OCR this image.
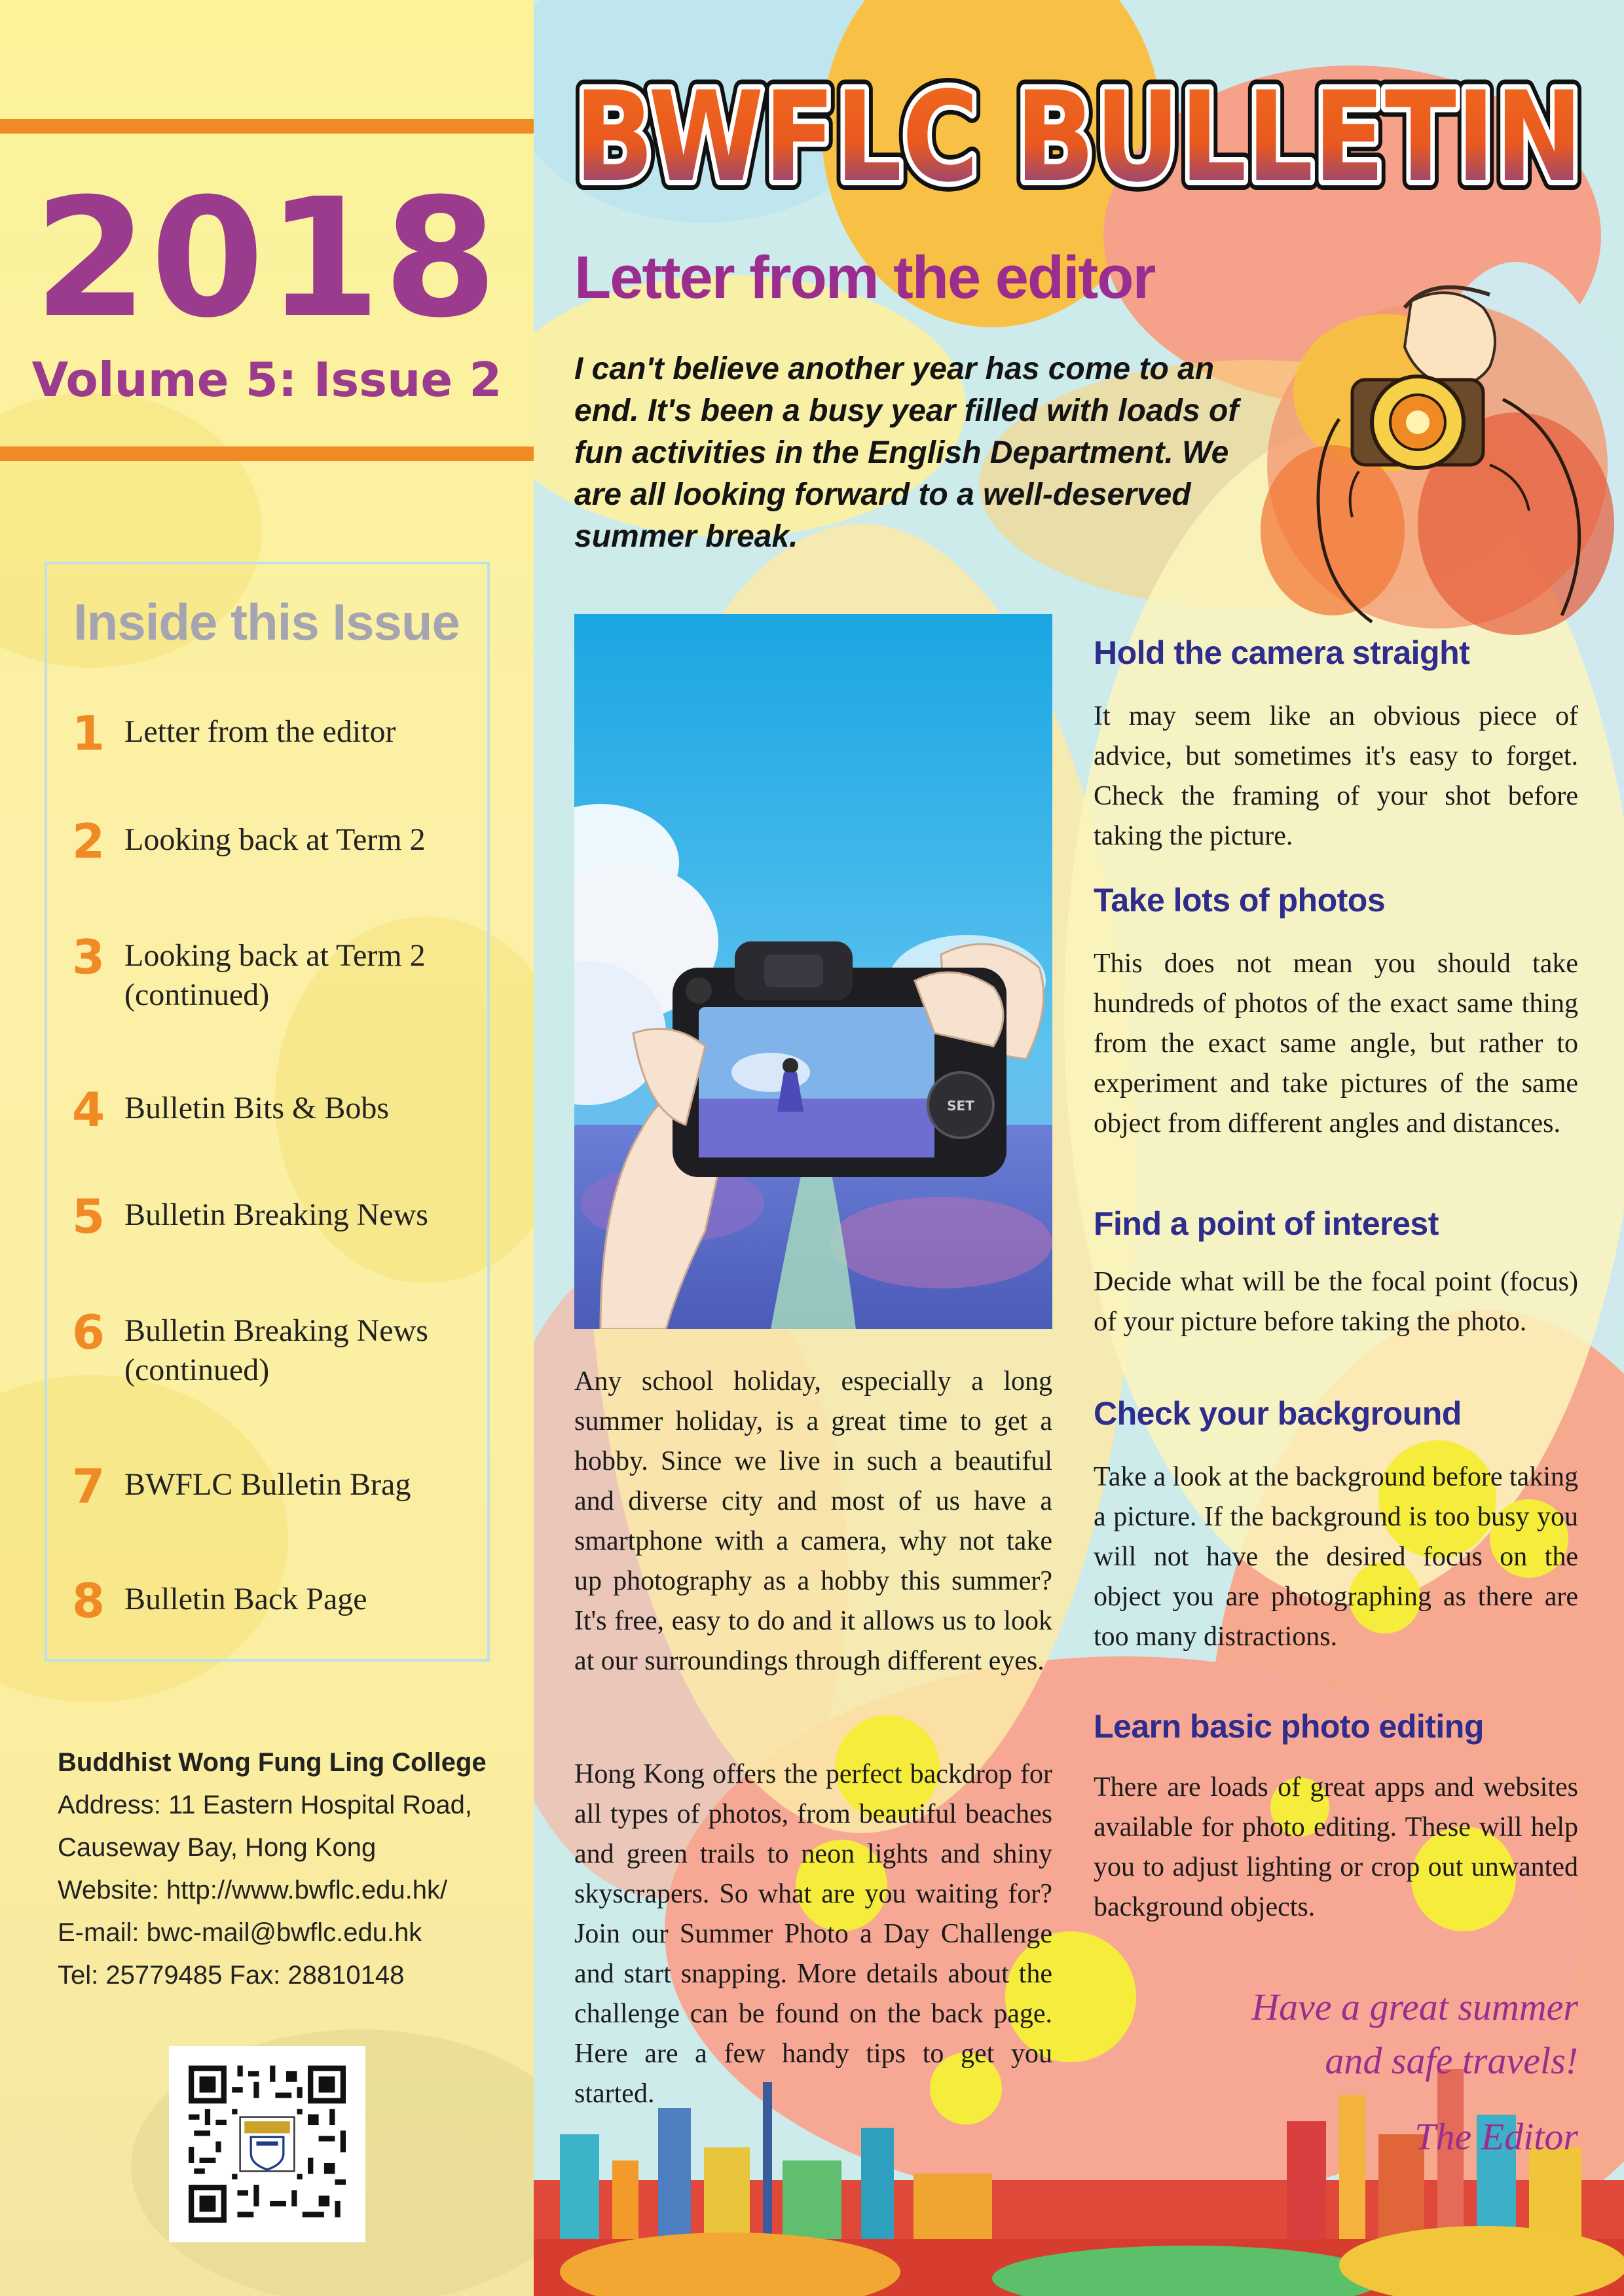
2018
Volume 5: Issue 2
Inside this Issue
1 Letter from the editor
2 Looking back at Term 2
3 Looking back at Term 2 (continued)
4 Bulletin Bits & Bobs
5 Bulletin Breaking News
6 Bulletin Breaking News (continued)
7 BWFLC Bulletin Brag
8 Bulletin Back Page
Buddhist Wong Fung Ling College
Address: 11 Eastern Hospital Road,
Causeway Bay, Hong Kong
Website: http://www.bwflc.edu.hk/
E-mail: bwc-mail@bwflc.edu.hk
Tel: 25779485 Fax: 28810148
BWFLC BULLETIN
BWFLC BULLETIN
BWFLC BULLETIN
Letter from the editor
I can't believe another year has come to an end. It's been a busy year filled with loads of fun activities in the English Department. We are all looking forward to a well-deserved summer break.
SET
Any school holiday, especially a long summer holiday, is a great time to get a hobby. Since we live in such a beautiful and diverse city and most of us have a smartphone with a camera, why not take up photography as a hobby this summer? It's free, easy to do and it allows us to look at our surroundings through different eyes.
Hong Kong offers the perfect backdrop for all types of photos, from beautiful beaches and green trails to neon lights and shiny skyscrapers. So what are you waiting for? Join our Summer Photo a Day Challenge and start snapping. More details about the challenge can be found on the back page. Here are a few handy tips to get you started.
Hold the camera straight
It may seem like an obvious piece of advice, but sometimes it's easy to forget. Check the framing of your shot before taking the picture.
Take lots of photos
This does not mean you should take hundreds of photos of the exact same thing from the exact same angle, but rather to experiment and take pictures of the same object from different angles and distances.
Find a point of interest
Decide what will be the focal point (focus) of your picture before taking the photo.
Check your background
Take a look at the background before taking a picture. If the background is too busy you will not have the desired focus on the object you are photographing as there are too many distractions.
Learn basic photo editing
There are loads of great apps and websites available for photo editing. These will help you to adjust lighting or crop out unwanted background objects.
Have a great summer
and safe travels!
The Editor
